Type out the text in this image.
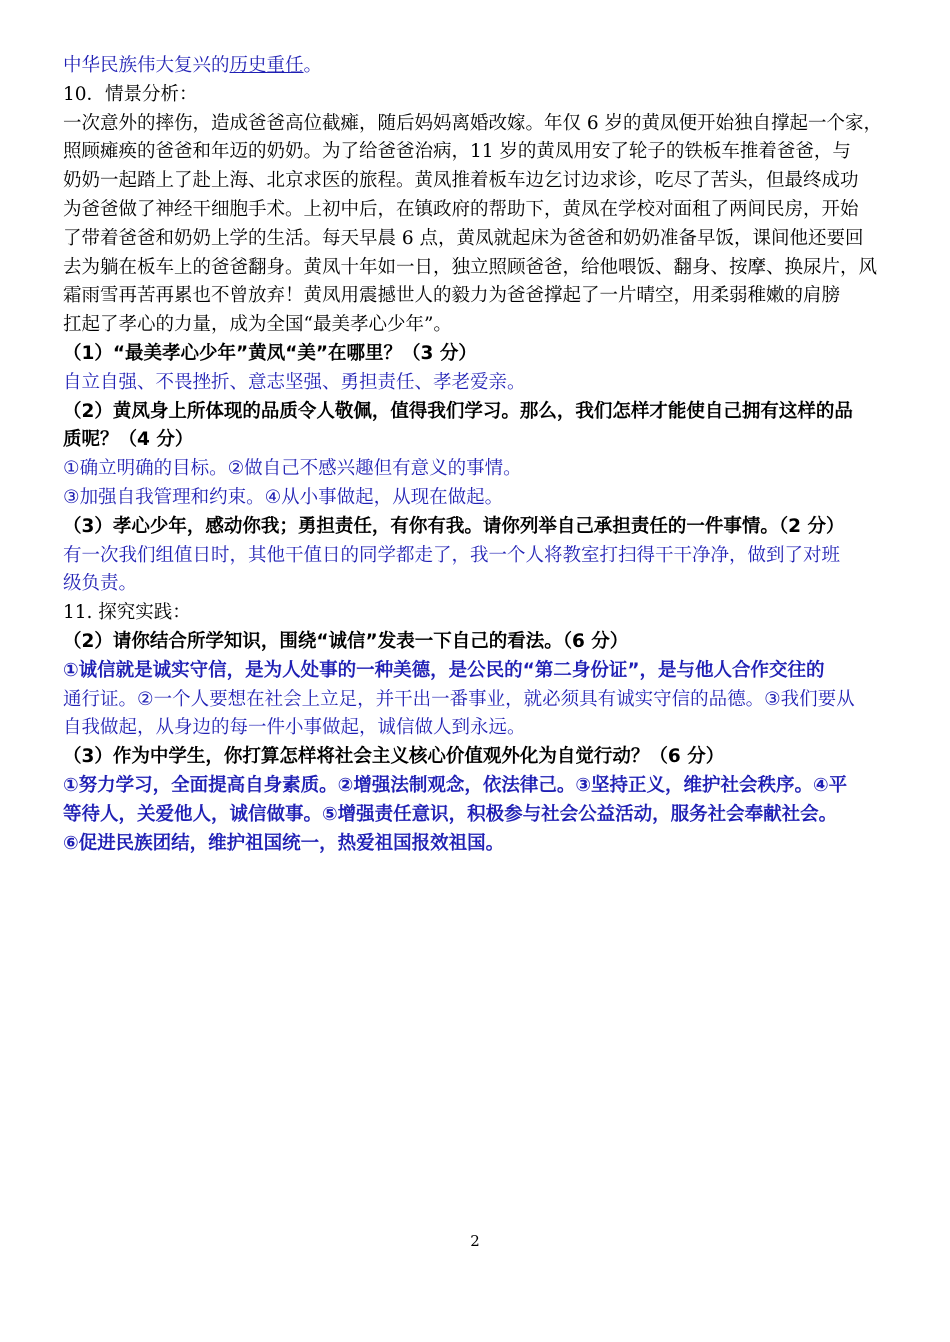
中华民族伟大复兴的历史重任。
10．情景分析：
一次意外的摔伤，造成爸爸高位截瘫，随后妈妈离婚改嫁。年仅 6 岁的黄凤便开始独自撑起一个家，
照顾瘫痪的爸爸和年迈的奶奶。为了给爸爸治病，11 岁的黄凤用安了轮子的铁板车推着爸爸，与
奶奶一起踏上了赴上海、北京求医的旅程。黄凤推着板车边乞讨边求诊，吃尽了苦头，但最终成功
为爸爸做了神经干细胞手术。上初中后，在镇政府的帮助下，黄凤在学校对面租了两间民房，开始
了带着爸爸和奶奶上学的生活。每天早晨 6 点，黄凤就起床为爸爸和奶奶准备早饭，课间他还要回
去为躺在板车上的爸爸翻身。黄凤十年如一日，独立照顾爸爸，给他喂饭、翻身、按摩、换尿片，风
霜雨雪再苦再累也不曾放弃！黄凤用震撼世人的毅力为爸爸撑起了一片晴空，用柔弱稚嫩的肩膀
扛起了孝心的力量，成为全国“最美孝心少年”。
（1）“最美孝心少年”黄凤“美”在哪里？（3 分）
自立自强、不畏挫折、意志坚强、勇担责任、孝老爱亲。
（2）黄凤身上所体现的品质令人敬佩，值得我们学习。那么，我们怎样才能使自己拥有这样的品
质呢？（4 分）
①确立明确的目标。②做自己不感兴趣但有意义的事情。
③加强自我管理和约束。④从小事做起，从现在做起。
（3）孝心少年，感动你我；勇担责任，有你有我。请你列举自己承担责任的一件事情。（2 分）
有一次我们组值日时，其他干值日的同学都走了，我一个人将教室打扫得干干净净，做到了对班
级负责。
11. 探究实践：
（2）请你结合所学知识，围绕“诚信”发表一下自己的看法。（6 分）
①诚信就是诚实守信，是为人处事的一种美德，是公民的“第二身份证”，是与他人合作交往的
通行证。②一个人要想在社会上立足，并干出一番事业，就必须具有诚实守信的品德。③我们要从
自我做起，从身边的每一件小事做起，诚信做人到永远。
（3）作为中学生，你打算怎样将社会主义核心价值观外化为自觉行动？（6 分）
①努力学习，全面提高自身素质。②增强法制观念，依法律己。③坚持正义，维护社会秩序。④平
等待人，关爱他人，诚信做事。⑤增强责任意识，积极参与社会公益活动，服务社会奉献社会。
⑥促进民族团结，维护祖国统一，热爱祖国报效祖国。
2
